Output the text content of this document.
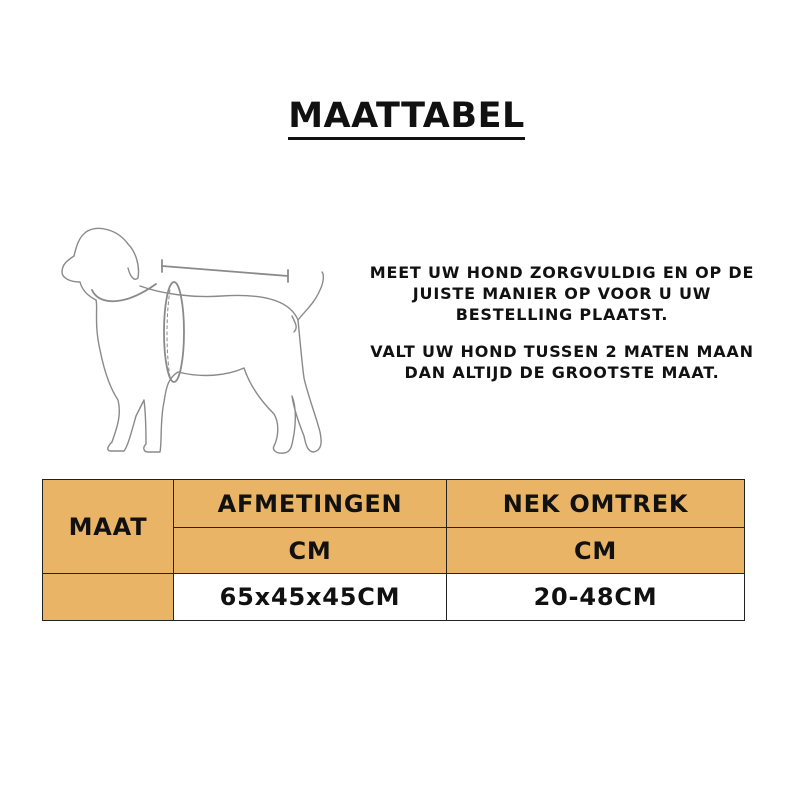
MAATTABEL

MEET UW HOND ZORGVULDIG EN OP DE JUISTE MANIER OP VOOR U UW BESTELLING PLAATST.

VALT UW HOND TUSSEN 2 MATEN MAAN DAN ALTIJD DE GROOTSTE MAAT.

MAAT	AFMETINGEN	NEK OMTREK
	CM	CM
	65x45x45CM	20-48CM
